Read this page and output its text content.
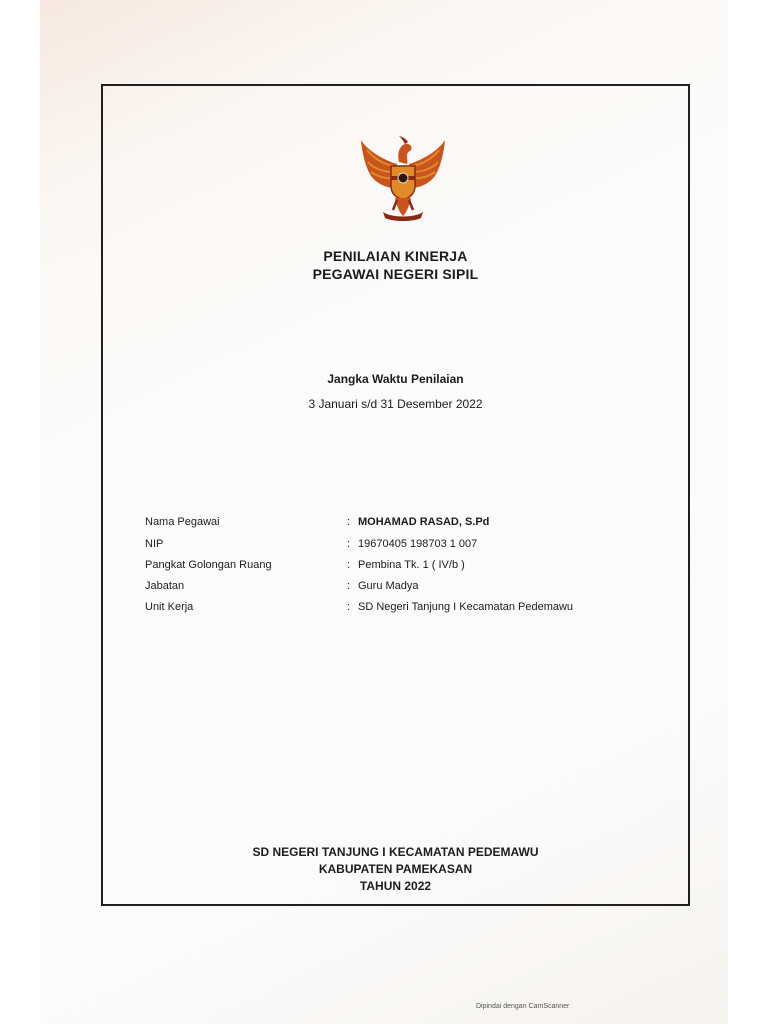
PENILAIAN KINERJA
PEGAWAI NEGERI SIPIL
Jangka Waktu Penilaian
3 Januari s/d 31 Desember 2022
Nama Pegawai	: MOHAMAD RASAD, S.Pd
NIP	: 19670405 198703 1 007
Pangkat Golongan Ruang	: Pembina Tk. 1 ( IV/b )
Jabatan	: Guru Madya
Unit Kerja	: SD Negeri Tanjung I Kecamatan Pedemawu
SD NEGERI TANJUNG I KECAMATAN PEDEMAWU
KABUPATEN PAMEKASAN
TAHUN 2022
Dipindai dengan CamScanner
